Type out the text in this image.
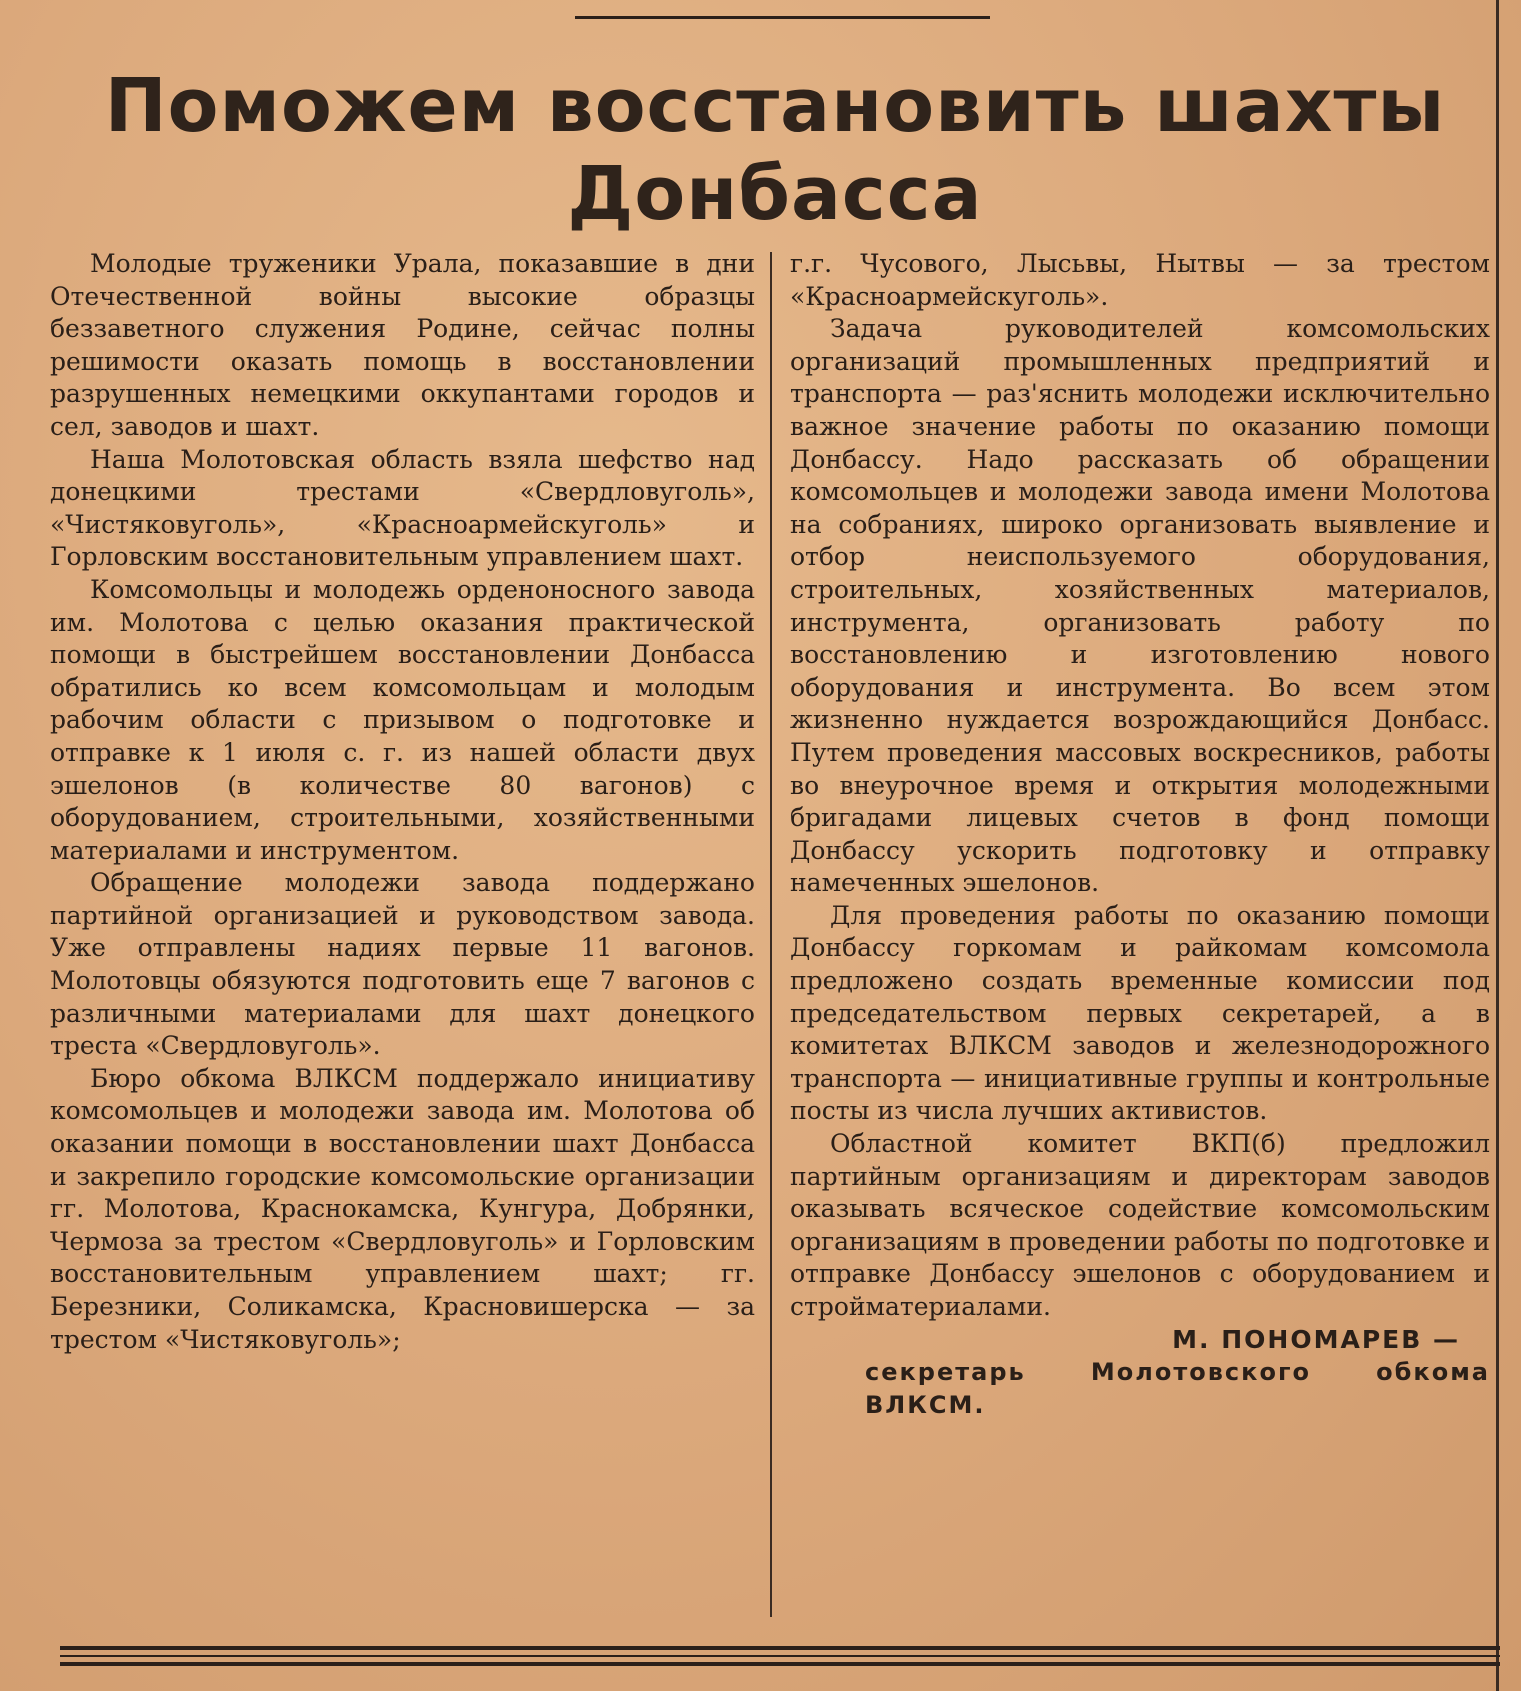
Поможем восстановить шахты
Донбасса

Молодые труженики Урала, показавшие в дни Отечественной войны высокие образцы беззаветного служения Родине, сейчас полны решимости оказать помощь в восстановлении разрушенных немецкими оккупантами городов и сел, заводов и шахт.

Наша Молотовская область взяла шефство над донецкими трестами «Свердловуголь», «Чистяковуголь», «Красноармейскуголь» и Горловским восстановительным управлением шахт.

Комсомольцы и молодежь орденоносного завода им. Молотова с целью оказания практической помощи в быстрейшем восстановлении Донбасса обратились ко всем комсомольцам и молодым рабочим области с призывом о подготовке и отправке к 1 июля с. г. из нашей области двух эшелонов (в количестве 80 вагонов) с оборудованием, строительными, хозяйственными материалами и инструментом.

Обращение молодежи завода поддержано партийной организацией и руководством завода. Уже отправлены надиях первые 11 вагонов. Молотовцы обязуются подготовить еще 7 вагонов с различными материалами для шахт донецкого треста «Свердловуголь».

Бюро обкома ВЛКСМ поддержало инициативу комсомольцев и молодежи завода им. Молотова об оказании помощи в восстановлении шахт Донбасса и закрепило городские комсомольские организации гг. Молотова, Краснокамска, Кунгура, Добрянки, Чермоза за трестом «Свердловуголь» и Горловским восстановительным управлением шахт; гг. Березники, Соликамска, Красновишерска — за трестом «Чистяковуголь»;

г.г. Чусового, Лысьвы, Нытвы — за трестом «Красноармейскуголь».

Задача руководителей комсомольских организаций промышленных предприятий и транспорта — раз'яснить молодежи исключительно важное значение работы по оказанию помощи Донбассу. Надо рассказать об обращении комсомольцев и молодежи завода имени Молотова на собраниях, широко организовать выявление и отбор неиспользуемого оборудования, строительных, хозяйственных материалов, инструмента, организовать работу по восстановлению и изготовлению нового оборудования и инструмента. Во всем этом жизненно нуждается возрождающийся Донбасс. Путем проведения массовых воскресников, работы во внеурочное время и открытия молодежными бригадами лицевых счетов в фонд помощи Донбассу ускорить подготовку и отправку намеченных эшелонов.

Для проведения работы по оказанию помощи Донбассу горкомам и райкомам комсомола предложено создать временные комиссии под председательством первых секретарей, а в комитетах ВЛКСМ заводов и железнодорожного транспорта — инициативные группы и контрольные посты из числа лучших активистов.

Областной комитет ВКП(б) предложил партийным организациям и директорам заводов оказывать всяческое содействие комсомольским организациям в проведении работы по подготовке и отправке Донбассу эшелонов с оборудованием и стройматериалами.

М. ПОНОМАРЕВ —
секретарь Молотовского обкома
ВЛКСМ.
